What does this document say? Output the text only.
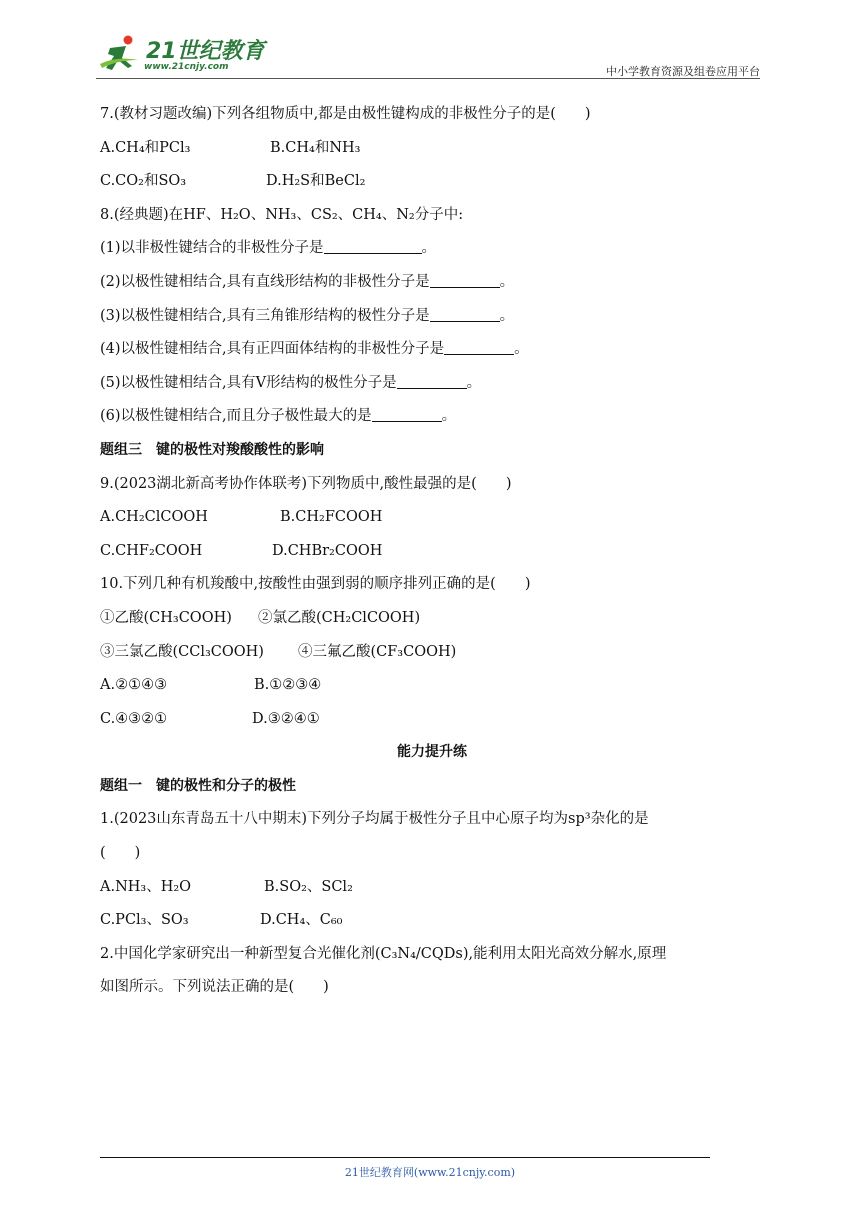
21世纪教育
www.21cnjy.com	中小学教育资源及组卷应用平台
7.(教材习题改编)下列各组物质中,都是由极性键构成的非极性分子的是(　　)
A.CH₄和PCl₃	B.CH₄和NH₃
C.CO₂和SO₃	D.H₂S和BeCl₂
8.(经典题)在HF、H₂O、NH₃、CS₂、CH₄、N₂分子中:
(1)以非极性键结合的非极性分子是	。
(2)以极性键相结合,具有直线形结构的非极性分子是	。
(3)以极性键相结合,具有三角锥形结构的极性分子是	。
(4)以极性键相结合,具有正四面体结构的非极性分子是	。
(5)以极性键相结合,具有V形结构的极性分子是	。
(6)以极性键相结合,而且分子极性最大的是	。
题组三　键的极性对羧酸酸性的影响
9.(2023湖北新高考协作体联考)下列物质中,酸性最强的是(　　)
A.CH₂ClCOOH	B.CH₂FCOOH
C.CHF₂COOH	D.CHBr₂COOH
10.下列几种有机羧酸中,按酸性由强到弱的顺序排列正确的是(　　)
①乙酸(CH₃COOH) ②氯乙酸(CH₂ClCOOH)
③三氯乙酸(CCl₃COOH) ④三氟乙酸(CF₃COOH)
A.②①④③	B.①②③④
C.④③②①	D.③②④①
能力提升练
题组一　键的极性和分子的极性
1.(2023山东青岛五十八中期末)下列分子均属于极性分子且中心原子均为sp³杂化的是
(　　)
A.NH₃、H₂O	B.SO₂、SCl₂
C.PCl₃、SO₃	D.CH₄、C₆₀
2.中国化学家研究出一种新型复合光催化剂(C₃N₄/CQDs),能利用太阳光高效分解水,原理
如图所示。下列说法正确的是(　　)
21世纪教育网(www.21cnjy.com)
